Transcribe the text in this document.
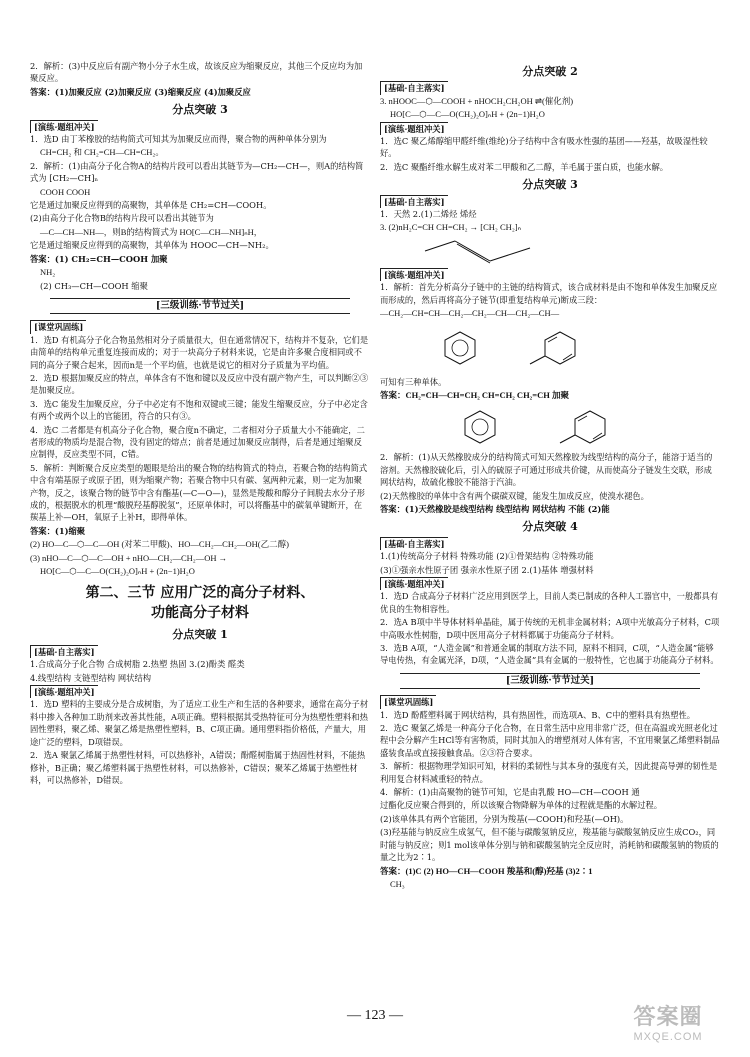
2．解析：(3)中反应后有副产物小分子水生成，故该反应为缩聚反应，其他三个反应均为加聚反应。

答案：(1)加聚反应 (2)加聚反应 (3)缩聚反应 (4)加聚反应

分点突破 3
[演练·题组冲关]

1．选D 由丁苯橡胶的结构简式可知其为加聚反应而得，聚合物的两种单体分别为

CH=CH₂ 和 CH₂=CH—CH=CH₂。

2．解析：(1)由高分子化合物A的结构片段可以看出其链节为—CH₂—CH—，则A的结构简式为 [CH₂—CH]ₙ

COOH COOH

它是通过加聚反应得到的高聚物，其单体是 CH₂=CH—COOH。

(2)由高分子化合物B的结构片段可以看出其链节为

—C—CH—NH—，则B的结构简式为 HO[C—CH—NH]ₙH，

它是通过缩聚反应得到的高聚物，其单体为 HOOC—CH—NH₂。

答案：(1) CH₂=CH—COOH 加聚

NH₂

(2) CH₃—CH—COOH 缩聚

[三级训练·节节过关]
[课堂巩固练]

1．选D 有机高分子化合物虽然相对分子质量很大，但在通常情况下，结构并不复杂，它们是由简单的结构单元重复连接而成的；对于一块高分子材料来说，它是由许多聚合度相同或不同的高分子聚合起来，因而n是一个平均值，也就是说它的相对分子质量为平均值。

2．选D 根据加聚反应的特点，单体含有不饱和键以及反应中没有副产物产生，可以判断②③是加聚反应。

3．选C 能发生加聚反应，分子中必定有不饱和双键或三键；能发生缩聚反应，分子中必定含有两个或两个以上的官能团，符合的只有③。

4．选C 二者都是有机高分子化合物，聚合度n不确定，二者相对分子质量大小不能确定，二者形成的物质均是混合物，没有固定的熔点；前者是通过加聚反应制得，后者是通过缩聚反应制得，反应类型不同，C错。

5．解析：判断聚合反应类型的题眼是给出的聚合物的结构简式的特点，若聚合物的结构简式中含有端基原子或原子团，则为缩聚产物；若聚合物中只有碳、氢两种元素，则一定为加聚产物，反之，该聚合物的链节中含有酯基(—C—O—)，显然是羧酸和醇分子间脱去水分子形成的，根据脱水的机理“酸脱羟基醇脱氢”，还原单体时，可以将酯基中的碳氧单键断开，在羰基上补—OH，氧原子上补H，即得单体。

答案：(1)缩聚

(2) HO—C—⬡—C—OH (对苯二甲酸)、HO—CH₂—CH₂—OH(乙二醇)

(3) nHO—C—⬡—C—OH + nHO—CH₂—CH₂—OH →

HO[C—⬡—C—O(CH₂)₂O]ₙH + (2n−1)H₂O

第二、三节 应用广泛的高分子材料、
功能高分子材料
分点突破 1
[基础·自主落实]

1.合成高分子化合物 合成树脂 2.热塑 热固 3.(2)酚类 醛类

4.线型结构 支链型结构 网状结构

[演练·题组冲关]

1．选D 塑料的主要成分是合成树脂，为了适应工业生产和生活的各种要求，通常在高分子材料中掺入各种加工助剂来改善其性能，A项正确。塑料根据其受热特征可分为热塑性塑料和热固性塑料，聚乙烯、聚氯乙烯是热塑性塑料，B、C项正确。通用塑料指价格低，产量大，用途广泛的塑料，D项错误。

2．选A 聚氯乙烯属于热塑性材料，可以热修补，A错误；酚醛树脂属于热固性材料，不能热修补，B正确；聚乙烯塑料属于热塑性材料，可以热修补，C错误；聚苯乙烯属于热塑性材料，可以热修补，D错误。

分点突破 2
[基础·自主落实]

3. nHOOC—⬡—COOH + nHOCH₂CH₂OH ⇌(催化剂)

HO[C—⬡—C—O(CH₂)₂O]ₙH + (2n−1)H₂O

[演练·题组冲关]

1．选C 聚乙烯醇缩甲醛纤维(维纶)分子结构中含有吸水性强的基团——羟基，故吸湿性较好。

2．选C 聚酯纤维水解生成对苯二甲酸和乙二醇，羊毛属于蛋白质，也能水解。

分点突破 3
[基础·自主落实]

1．天然 2.(1)二烯烃 烯烃

3. (2)nH₂C=CH CH=CH₂ → [CH₂ CH₂]ₙ

[演练·题组冲关]

1．解析：首先分析高分子链中的主链的结构简式，该合成材料是由不饱和单体发生加聚反应而形成的，然后再将高分子链节(即重复结构单元)断成三段：

—CH₂—CH=CH—CH₂—CH₂—CH—CH₂—CH—

可知有三种单体。

答案：CH₂=CH—CH=CH₂ CH=CH₂ CH₂=CH 加聚

2．解析：(1)从天然橡胶成分的结构简式可知天然橡胶为线型结构的高分子，能溶于适当的溶剂。天然橡胶硫化后，引入的硫原子可通过形成共价键，从而使高分子链发生交联，形成网状结构，故硫化橡胶不能溶于汽油。

(2)天然橡胶的单体中含有两个碳碳双键，能发生加成反应，使溴水褪色。

答案：(1)天然橡胶是线型结构 线型结构 网状结构 不能 (2)能

分点突破 4
[基础·自主落实]

1.(1)传统高分子材料 特殊功能 (2)①骨架结构 ②特殊功能

(3)①强亲水性原子团 强亲水性原子团 2.(1)基体 增强材料

[演练·题组冲关]

1．选D 合成高分子材料广泛应用到医学上，目前人类已制成的各种人工器官中，一般都具有优良的生物相容性。

2．选A B项中半导体材料单晶硅，属于传统的无机非金属材料；A项中光敏高分子材料，C项中高吸水性树脂，D项中医用高分子材料都属于功能高分子材料。

3．选B A项，“人造金属”和普通金属的制取方法不同，原料不相同，C项，“人造金属”能够导电传热，有金属光泽，D项，“人造金属”具有金属的一般特性，它也属于功能高分子材料。

[三级训练·节节过关]
[课堂巩固练]

1．选D 酚醛塑料属于网状结构，具有热固性，而选项A、B、C中的塑料具有热塑性。

2．选C 聚氯乙烯是一种高分子化合物，在日常生活中应用非常广泛，但在高温或光照老化过程中会分解产生HCl等有害物质，同时其加入的增塑剂对人体有害，不宜用聚氯乙烯塑料制品盛装食品或直接接触食品。②③符合要求。

3．解析：根据物理学知识可知，材料的柔韧性与其本身的强度有关，因此提高导弹的韧性是利用复合材料减重轻的特点。

4．解析：(1)由高聚物的链节可知，它是由乳酸 HO—CH—COOH 通

过酯化反应聚合得到的，所以该聚合物降解为单体的过程就是酯的水解过程。

(2)该单体具有两个官能团，分别为羧基(—COOH)和羟基(—OH)。

(3)羟基能与钠反应生成氢气，但不能与碳酸氢钠反应，羧基能与碳酸氢钠反应生成CO₂，同时能与钠反应；则1 mol该单体分别与钠和碳酸氢钠完全反应时，消耗钠和碳酸氢钠的物质的量之比为2∶1。

答案：(1)C (2) HO—CH—COOH 羧基和(醇)羟基 (3)2∶1

CH₃

— 123 —	答案圈
MXQE.COM
